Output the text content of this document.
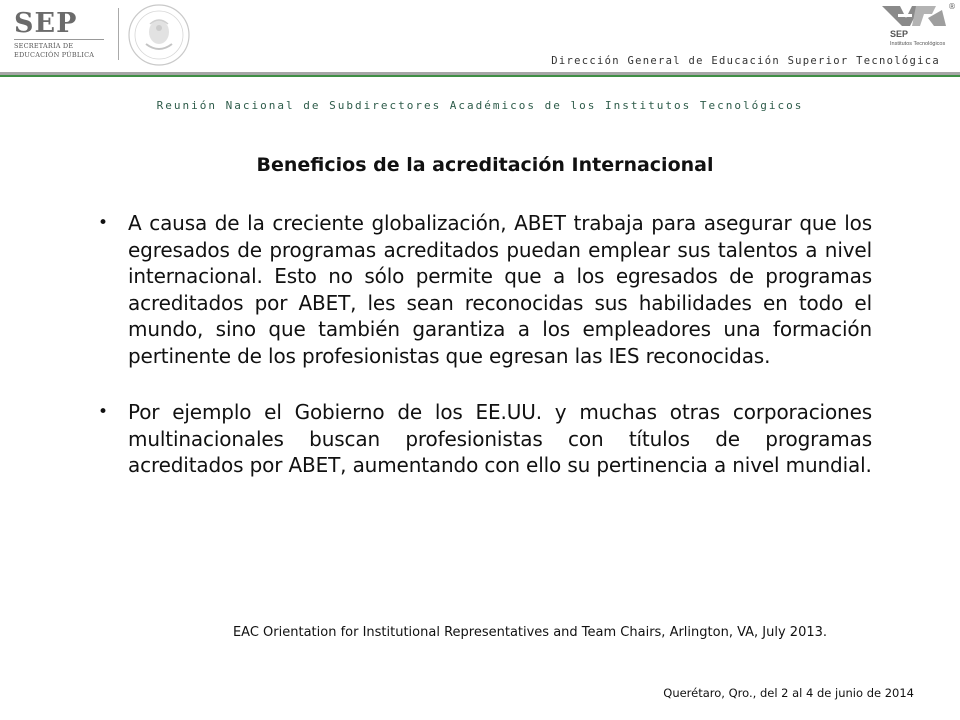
SEP
SECRETARÍA DE
EDUCACIÓN PÚBLICA
SEP
Institutos Tecnológicos
®
Dirección General de Educación Superior Tecnológica
Reunión Nacional de Subdirectores Académicos de los Institutos Tecnológicos
Beneficios de la acreditación Internacional
• A causa de la creciente globalización, ABET trabaja para asegurar que los egresados de programas acreditados puedan emplear sus talentos a nivel internacional. Esto no sólo permite que a los egresados de programas acreditados por ABET, les sean reconocidas sus habilidades en todo el mundo, sino que también garantiza a los empleadores una formación pertinente de los profesionistas que egresan las IES reconocidas.
• Por ejemplo el Gobierno de los EE.UU. y muchas otras corporaciones multinacionales buscan profesionistas con títulos de programas acreditados por ABET, aumentando con ello su pertinencia a nivel mundial.
EAC Orientation for Institutional Representatives and Team Chairs, Arlington, VA, July 2013.
Querétaro, Qro., del 2 al 4 de junio de 2014
